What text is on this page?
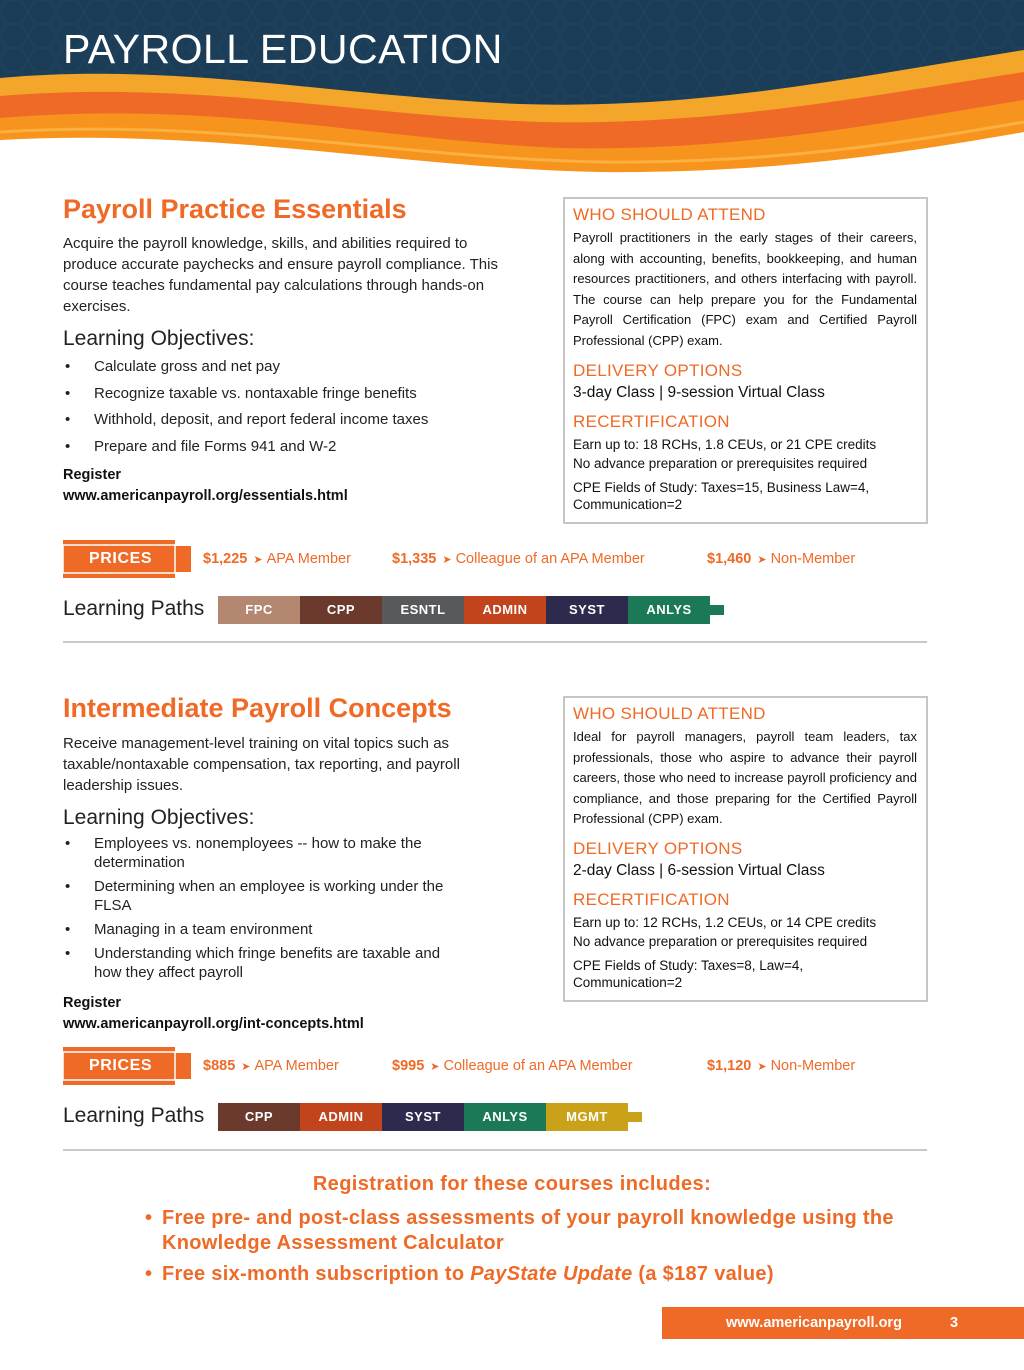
PAYROLL EDUCATION
Payroll Practice Essentials
Acquire the payroll knowledge, skills, and abilities required to produce accurate paychecks and ensure payroll compliance. This course teaches fundamental pay calculations through hands-on exercises.
Learning Objectives:
• Calculate gross and net pay
• Recognize taxable vs. nontaxable fringe benefits
• Withhold, deposit, and report federal income taxes
• Prepare and file Forms 941 and W-2
Register
www.americanpayroll.org/essentials.html
WHO SHOULD ATTEND
Payroll practitioners in the early stages of their careers, along with accounting, benefits, bookkeeping, and human resources practitioners, and others interfacing with payroll. The course can help prepare you for the Fundamental Payroll Certification (FPC) exam and Certified Payroll Professional (CPP) exam.
DELIVERY OPTIONS
3-day Class | 9-session Virtual Class
RECERTIFICATION
Earn up to: 18 RCHs, 1.8 CEUs, or 21 CPE credits
No advance preparation or prerequisites required
CPE Fields of Study: Taxes=15, Business Law=4, Communication=2
PRICES	$1,225 ➤ APA Member	$1,335 ➤ Colleague of an APA Member	$1,460 ➤ Non-Member
Learning Paths	FPC	CPP	ESNTL	ADMIN	SYST	ANLYS
Intermediate Payroll Concepts
Receive management-level training on vital topics such as taxable/nontaxable compensation, tax reporting, and payroll leadership issues.
Learning Objectives:
• Employees vs. nonemployees -- how to make the determination
• Determining when an employee is working under the FLSA
• Managing in a team environment
• Understanding which fringe benefits are taxable and how they affect payroll
Register
www.americanpayroll.org/int-concepts.html
WHO SHOULD ATTEND
Ideal for payroll managers, payroll team leaders, tax professionals, those who aspire to advance their payroll careers, those who need to increase payroll proficiency and compliance, and those preparing for the Certified Payroll Professional (CPP) exam.
DELIVERY OPTIONS
2-day Class | 6-session Virtual Class
RECERTIFICATION
Earn up to: 12 RCHs, 1.2 CEUs, or 14 CPE credits
No advance preparation or prerequisites required
CPE Fields of Study: Taxes=8, Law=4, Communication=2
PRICES	$885 ➤ APA Member	$995 ➤ Colleague of an APA Member	$1,120 ➤ Non-Member
Learning Paths	CPP	ADMIN	SYST	ANLYS	MGMT
Registration for these courses includes:
• Free pre- and post-class assessments of your payroll knowledge using the Knowledge Assessment Calculator
• Free six-month subscription to PayState Update (a $187 value)
www.americanpayroll.org	3
